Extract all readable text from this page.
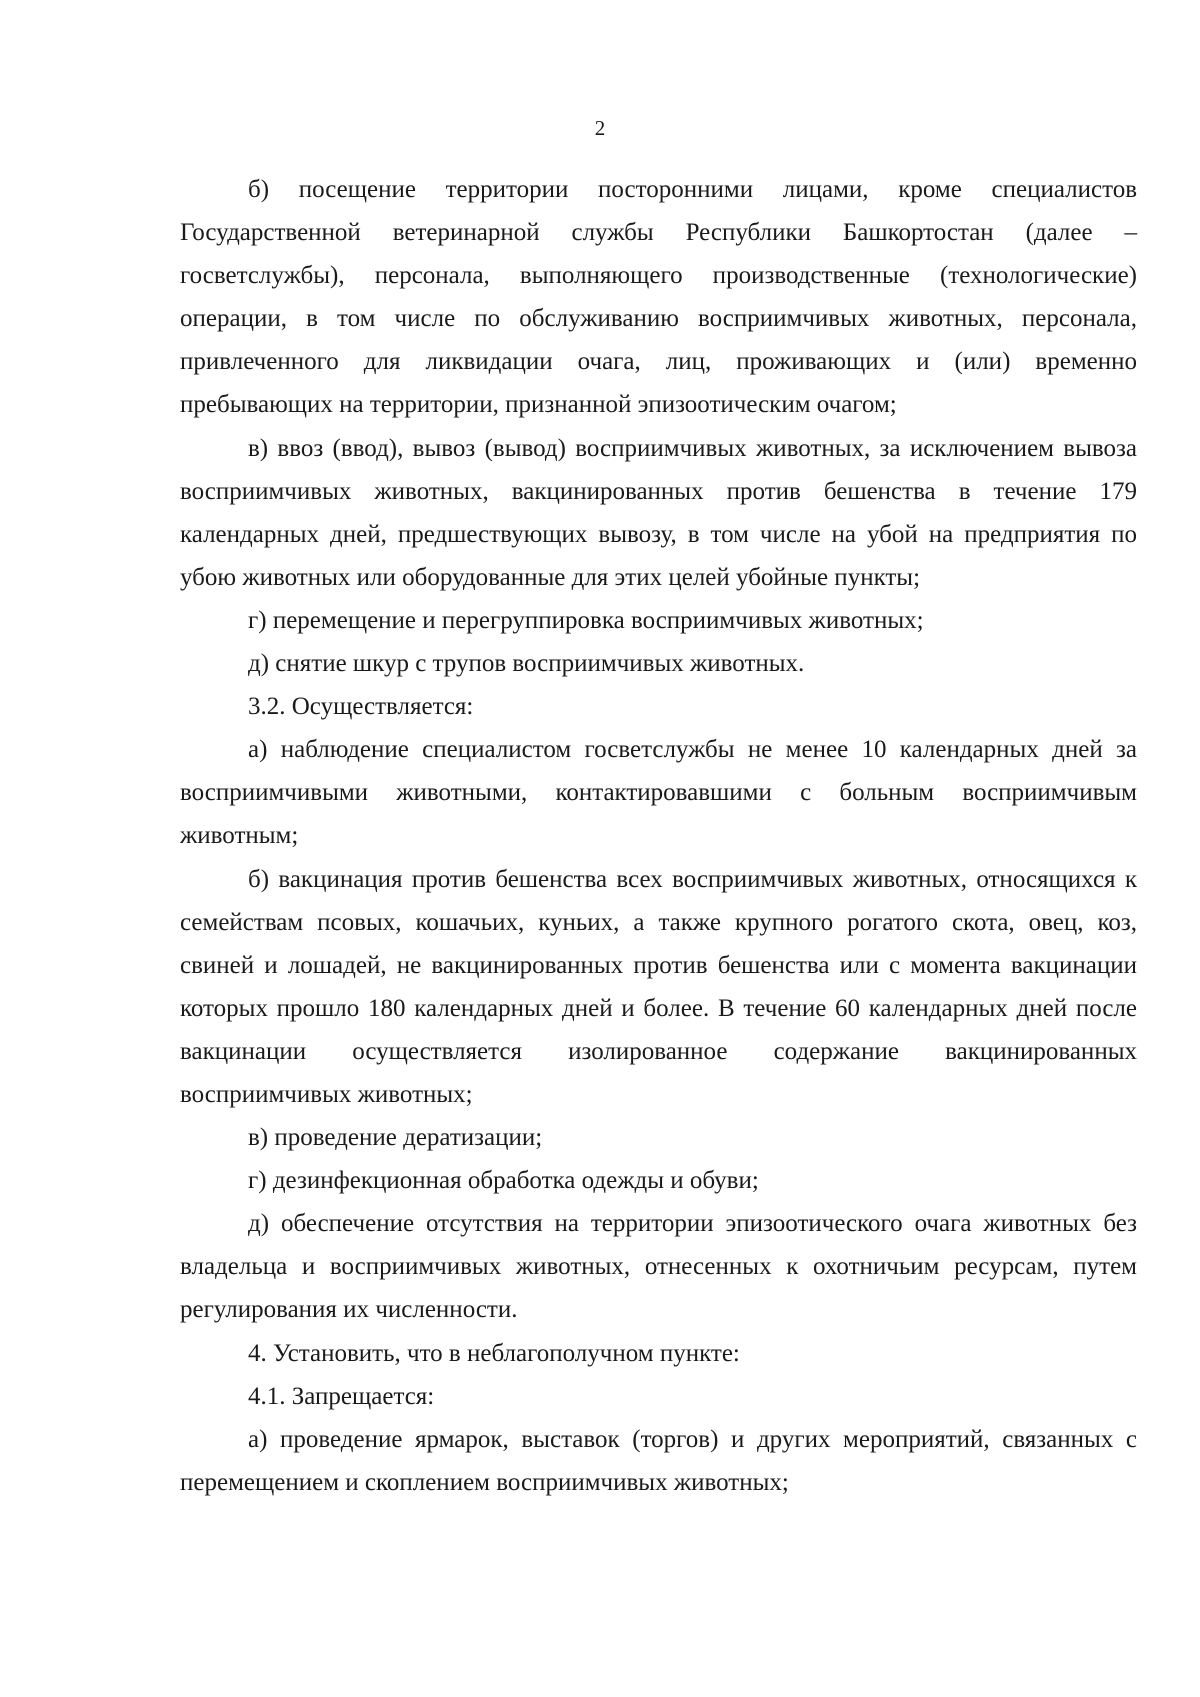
2

б) посещение территории посторонними лицами, кроме специалистов Государственной ветеринарной службы Республики Башкортостан (далее – госветслужбы), персонала, выполняющего производственные (технологические) операции, в том числе по обслуживанию восприимчивых животных, персонала, привлеченного для ликвидации очага, лиц, проживающих и (или) временно пребывающих на территории, признанной эпизоотическим очагом;

в) ввоз (ввод), вывоз (вывод) восприимчивых животных, за исключением вывоза восприимчивых животных, вакцинированных против бешенства в течение 179 календарных дней, предшествующих вывозу, в том числе на убой на предприятия по убою животных или оборудованные для этих целей убойные пункты;

г) перемещение и перегруппировка восприимчивых животных;

д) снятие шкур с трупов восприимчивых животных.

3.2. Осуществляется:

а) наблюдение специалистом госветслужбы не менее 10 календарных дней за восприимчивыми животными, контактировавшими с больным восприимчивым животным;

б) вакцинация против бешенства всех восприимчивых животных, относящихся к семействам псовых, кошачьих, куньих, а также крупного рогатого скота, овец, коз, свиней и лошадей, не вакцинированных против бешенства или с момента вакцинации которых прошло 180 календарных дней и более. В течение 60 календарных дней после вакцинации осуществляется изолированное содержание вакцинированных восприимчивых животных;

в) проведение дератизации;

г) дезинфекционная обработка одежды и обуви;

д) обеспечение отсутствия на территории эпизоотического очага животных без владельца и восприимчивых животных, отнесенных к охотничьим ресурсам, путем регулирования их численности.

4. Установить, что в неблагополучном пункте:

4.1. Запрещается:

а) проведение ярмарок, выставок (торгов) и других мероприятий, связанных с перемещением и скоплением восприимчивых животных;
